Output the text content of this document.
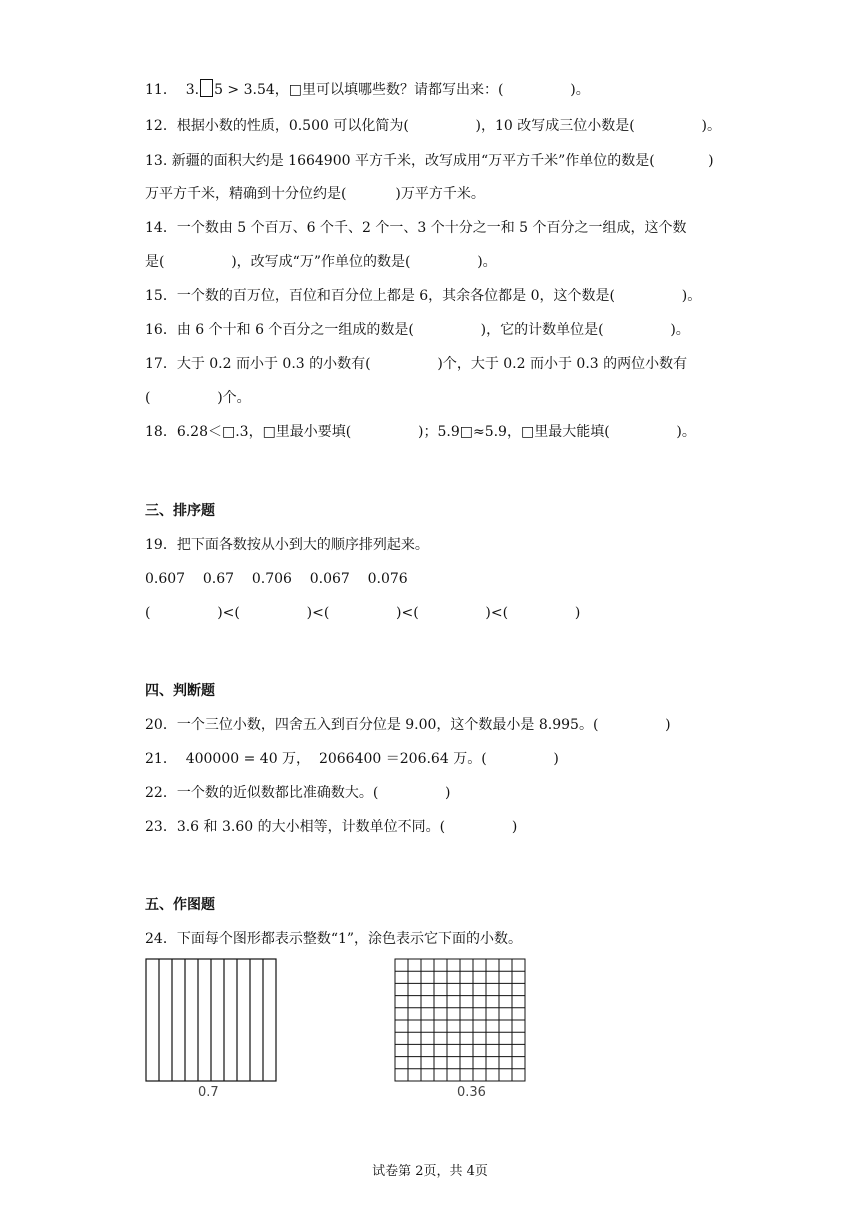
11．  3. 5 > 3.54，□里可以填哪些数？请都写出来：(               )。
12．根据小数的性质，0.500 可以化简为(               )，10 改写成三位小数是(               )。
13. 新疆的面积大约是 1664900 平方千米，改写成用“万平方千米”作单位的数是(            )
万平方千米，精确到十分位约是(           )万平方千米。
14．一个数由 5 个百万、6 个千、2 个一、3 个十分之一和 5 个百分之一组成，这个数
是(               )，改写成“万”作单位的数是(               )。
15．一个数的百万位，百位和百分位上都是 6，其余各位都是 0，这个数是(               )。
16．由 6 个十和 6 个百分之一组成的数是(               )，它的计数单位是(               )。
17．大于 0.2 而小于 0.3 的小数有(               )个，大于 0.2 而小于 0.3 的两位小数有
(               )个。
18．6.28＜□.3，□里最小要填(               )；5.9□≈5.9，□里最大能填(               )。
三、排序题
19．把下面各数按从小到大的顺序排列起来。
0.607    0.67    0.706    0.067    0.076
(               )<(               )<(               )<(               )<(               )
四、判断题
20．一个三位小数，四舍五入到百分位是 9.00，这个数最小是 8.995。(               )
21．  400000 = 40 万，  2066400 ＝206.64 万。(               )
22．一个数的近似数都比准确数大。(               )
23．3.6 和 3.60 的大小相等，计数单位不同。(               )
五、作图题
24．下面每个图形都表示整数“1”，涂色表示它下面的小数。
0.7	0.36
试卷第 2页，共 4页
